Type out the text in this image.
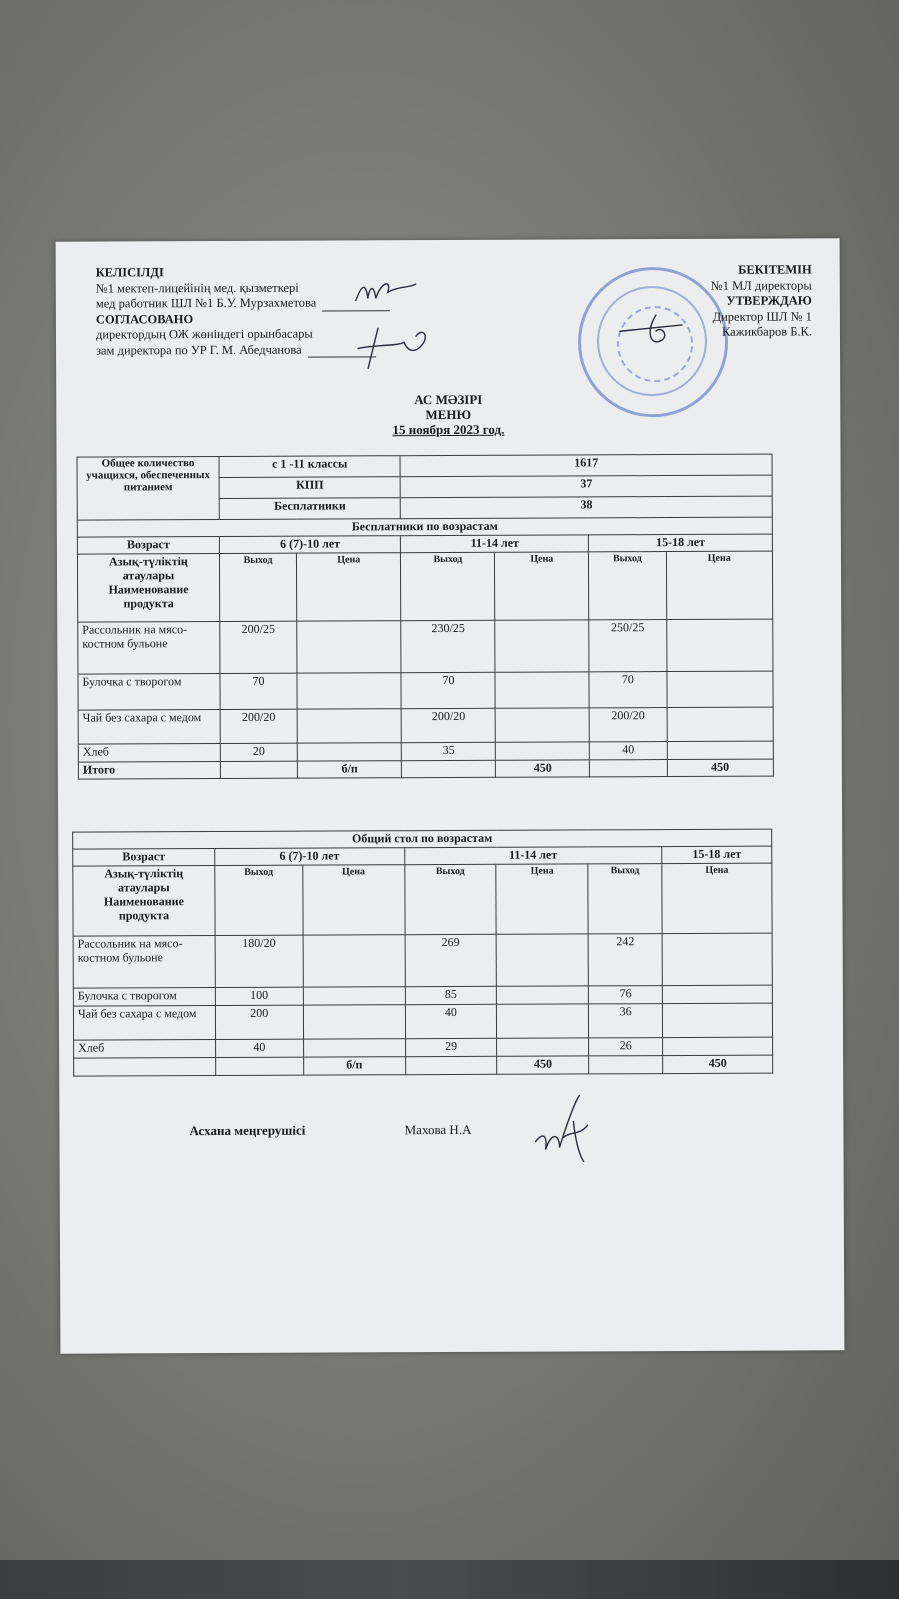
КЕЛІСІЛДІ
№1 мектеп-лицейінің мед. қызметкері
мед работник ШЛ №1 Б.У. Мурзахметова
СОГЛАСОВАНО
директордың ОЖ жөніндегі орынбасары
зам директора по УР Г. М. Абедчанова
БЕКІТЕМІН
№1 МЛ директоры
УТВЕРЖДАЮ
Директор ШЛ № 1
Кажикбаров Б.К.
АС МӘЗІРІ
МЕНЮ
15 ноября 2023 год.
Общее количество учащихся, обеспеченных питанием	с 1 -11 классы		1617			
	КПП		37			
	Бесплатники		38			
Бесплатники по возрастам						
Возраст	6 (7)-10 лет		11-14 лет		15-18 лет	
Азық-түліктің атаулары Наименование продукта	Выход	Цена	Выход	Цена	Выход	Цена
Рассольник на мясо-костном бульоне	200/25		230/25		250/25	
Булочка с творогом	70		70		70	
Чай без сахара с медом	200/20		200/20		200/20	
Хлеб	20		35		40	
Итого		б/п		450		450
Общий стол по возрастам						
Возраст	6 (7)-10 лет		11-14 лет			15-18 лет
Азық-түліктің атаулары Наименование продукта	Выход	Цена	Выход	Цена	Выход	Цена
Рассольник на мясо-костном бульоне	180/20		269		242	
Булочка с творогом	100		85		76	
Чай без сахара с медом	200		40		36	
Хлеб	40		29		26	
		б/п		450		450
Асхана меңгерушісі	Махова Н.А
